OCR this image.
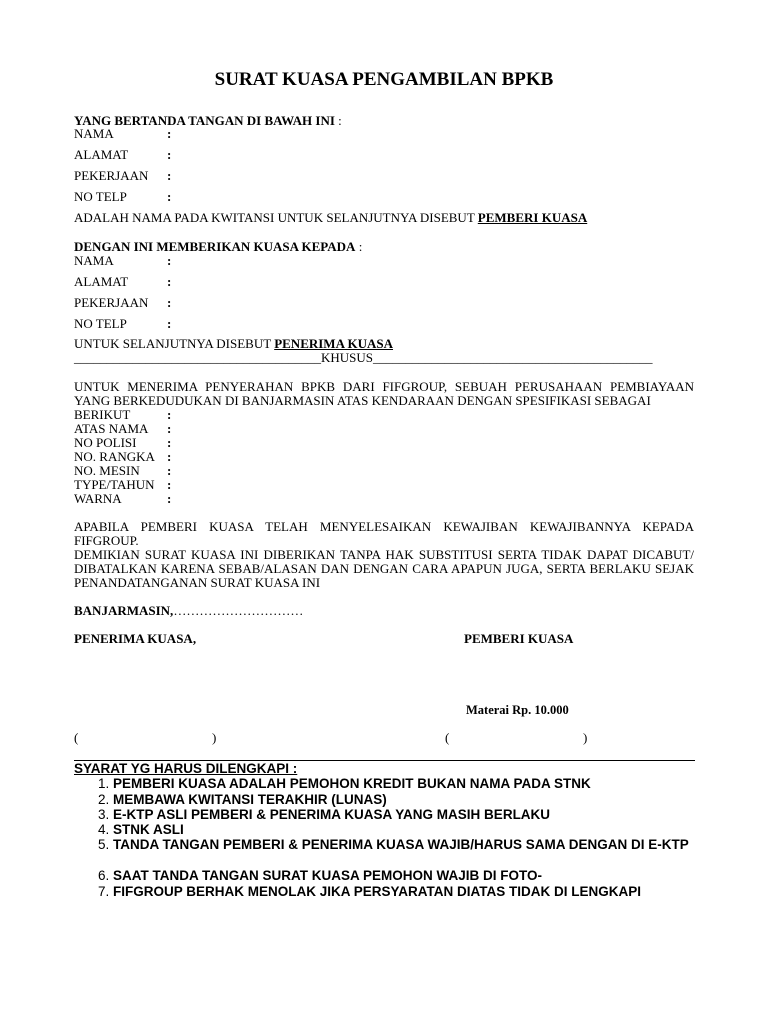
SURAT KUASA PENGAMBILAN BPKB
YANG BERTANDA TANGAN DI BAWAH INI :
NAMA	:
ALAMAT	:
PEKERJAAN :
NO TELP	:
ADALAH NAMA PADA KWITANSI UNTUK SELANJUTNYA DISEBUT PEMBERI KUASA
DENGAN INI MEMBERIKAN KUASA KEPADA :
NAMA	:
ALAMAT	:
PEKERJAAN :
NO TELP	:
UNTUK SELANJUTNYA DISEBUT PENERIMA KUASA
______________________________________KHUSUS___________________________________________
UNTUK MENERIMA PENYERAHAN BPKB DARI FIFGROUP, SEBUAH PERUSAHAAN PEMBIAYAAN YANG BERKEDUDUKAN DI BANJARMASIN ATAS KENDARAAN DENGAN SPESIFIKASI SEBAGAI
BERIKUT	:
ATAS NAMA :
NO POLISI :
NO. RANGKA :
NO. MESIN :
TYPE/TAHUN :
WARNA	:
APABILA PEMBERI KUASA TELAH MENYELESAIKAN KEWAJIBAN KEWAJIBANNYA KEPADA FIFGROUP.
DEMIKIAN SURAT KUASA INI DIBERIKAN TANPA HAK SUBSTITUSI SERTA TIDAK DAPAT DICABUT/ DIBATALKAN KARENA SEBAB/ALASAN DAN DENGAN CARA APAPUN JUGA, SERTA BERLAKU SEJAK PENANDATANGANAN SURAT KUASA INI
BANJARMASIN,…………………………
PENERIMA KUASA,	PEMBERI KUASA
Materai Rp. 10.000
(	)	(	)
SYARAT YG HARUS DILENGKAPI :
1. PEMBERI KUASA ADALAH PEMOHON KREDIT BUKAN NAMA PADA STNK
2. MEMBAWA KWITANSI TERAKHIR (LUNAS)
3. E-KTP ASLI PEMBERI & PENERIMA KUASA YANG MASIH BERLAKU
4. STNK ASLI
5. TANDA TANGAN PEMBERI & PENERIMA KUASA WAJIB/HARUS SAMA DENGAN DI E-KTP
6. SAAT TANDA TANGAN SURAT KUASA PEMOHON WAJIB DI FOTO-
7. FIFGROUP BERHAK MENOLAK JIKA PERSYARATAN DIATAS TIDAK DI LENGKAPI
